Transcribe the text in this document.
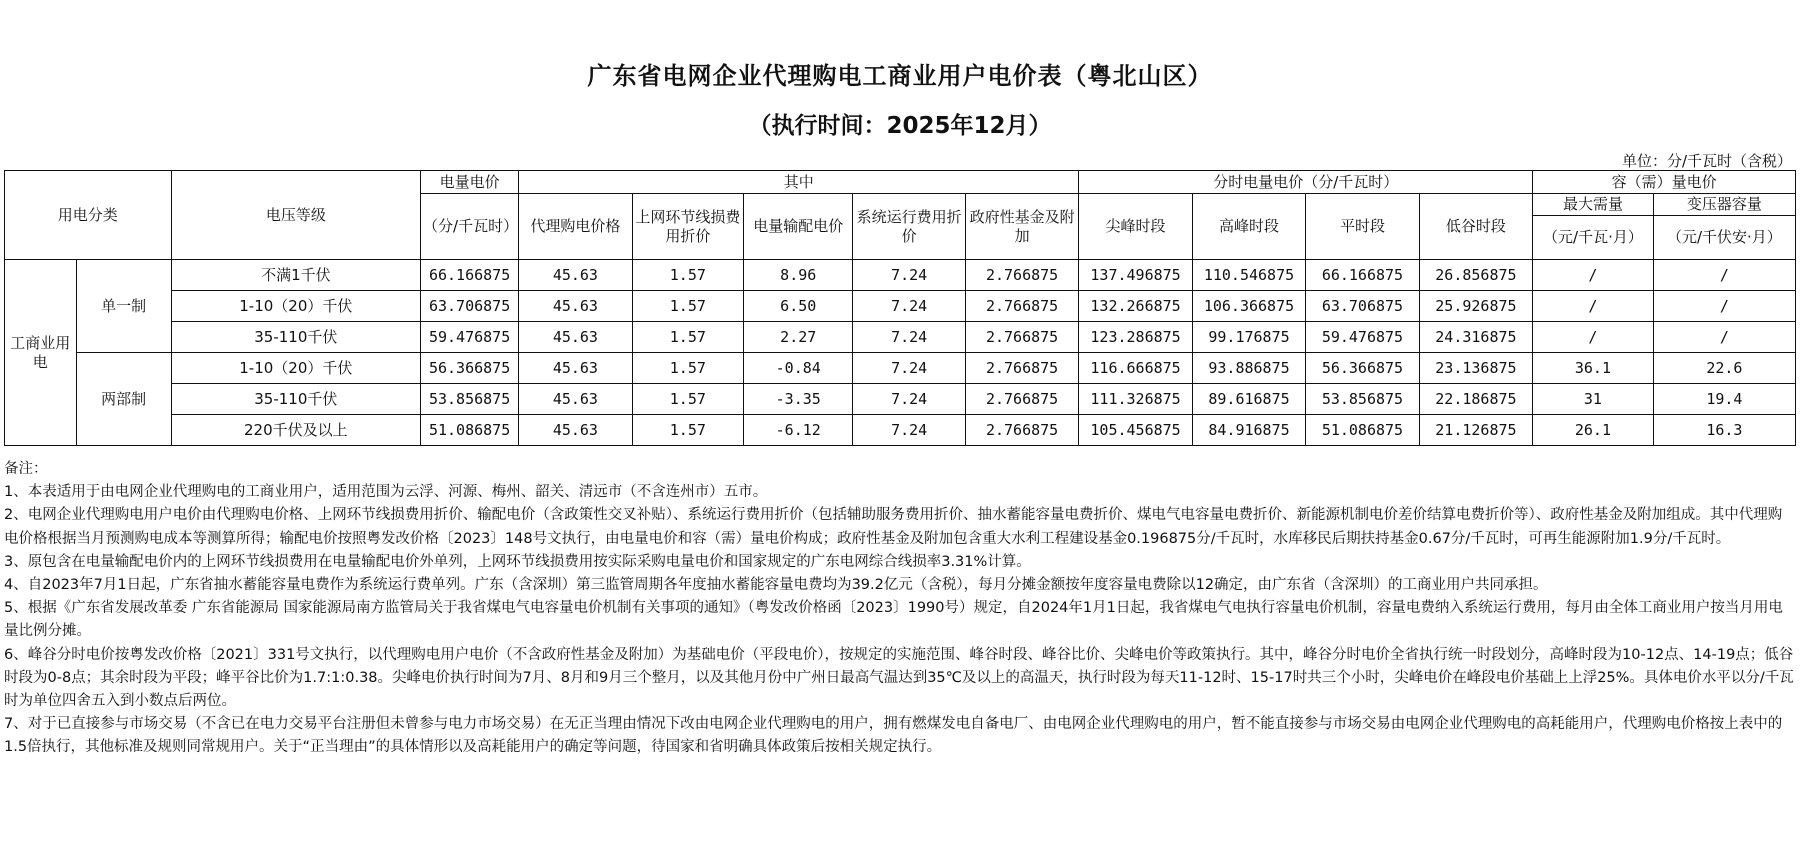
广东省电网企业代理购电工商业用户电价表（粤北山区）
（执行时间：2025年12月）
单位：分/千瓦时（含税）
用电分类		电压等级	电量电价	其中					分时电量电价（分/千瓦时）				容（需）量电价	
			（分/千瓦时）	代理购电价格	上网环节线损费用折价	电量输配电价	系统运行费用折价	政府性基金及附加	尖峰时段	高峰时段	平时段	低谷时段	最大需量	变压器容量
													（元/千瓦·月）	（元/千伏安·月）
工商业用电	单一制	不满1千伏	66.166875	45.63	1.57	8.96	7.24	2.766875	137.496875	110.546875	66.166875	26.856875	/	/
		1-10（20）千伏	63.706875	45.63	1.57	6.50	7.24	2.766875	132.266875	106.366875	63.706875	25.926875	/	/
		35-110千伏	59.476875	45.63	1.57	2.27	7.24	2.766875	123.286875	99.176875	59.476875	24.316875	/	/
	两部制	1-10（20）千伏	56.366875	45.63	1.57	-0.84	7.24	2.766875	116.666875	93.886875	56.366875	23.136875	36.1	22.6
		35-110千伏	53.856875	45.63	1.57	-3.35	7.24	2.766875	111.326875	89.616875	53.856875	22.186875	31	19.4
		220千伏及以上	51.086875	45.63	1.57	-6.12	7.24	2.766875	105.456875	84.916875	51.086875	21.126875	26.1	16.3

备注：

1、本表适用于由电网企业代理购电的工商业用户，适用范围为云浮、河源、梅州、韶关、清远市（不含连州市）五市。

2、电网企业代理购电用户电价由代理购电价格、上网环节线损费用折价、输配电价（含政策性交叉补贴）、系统运行费用折价（包括辅助服务费用折价、抽水蓄能容量电费折价、煤电气电容量电费折价、新能源机制电价差价结算电费折价等）、政府性基金及附加组成。其中代理购电价格根据当月预测购电成本等测算所得；输配电价按照粤发改价格〔2023〕148号文执行，由电量电价和容（需）量电价构成；政府性基金及附加包含重大水利工程建设基金0.196875分/千瓦时，水库移民后期扶持基金0.67分/千瓦时，可再生能源附加1.9分/千瓦时。

3、原包含在电量输配电价内的上网环节线损费用在电量输配电价外单列，上网环节线损费用按实际采购电量电价和国家规定的广东电网综合线损率3.31%计算。

4、自2023年7月1日起，广东省抽水蓄能容量电费作为系统运行费单列。广东（含深圳）第三监管周期各年度抽水蓄能容量电费均为39.2亿元（含税），每月分摊金额按年度容量电费除以12确定，由广东省（含深圳）的工商业用户共同承担。

5、根据《广东省发展改革委 广东省能源局 国家能源局南方监管局关于我省煤电气电容量电价机制有关事项的通知》（粤发改价格函〔2023〕1990号）规定，自2024年1月1日起，我省煤电气电执行容量电价机制，容量电费纳入系统运行费用，每月由全体工商业用户按当月用电量比例分摊。

6、峰谷分时电价按粤发改价格〔2021〕331号文执行，以代理购电用户电价（不含政府性基金及附加）为基础电价（平段电价），按规定的实施范围、峰谷时段、峰谷比价、尖峰电价等政策执行。其中，峰谷分时电价全省执行统一时段划分，高峰时段为10-12点、14-19点；低谷时段为0-8点；其余时段为平段；峰平谷比价为1.7:1:0.38。尖峰电价执行时间为7月、8月和9月三个整月，以及其他月份中广州日最高气温达到35℃及以上的高温天，执行时段为每天11-12时、15-17时共三个小时，尖峰电价在峰段电价基础上上浮25%。具体电价水平以分/千瓦时为单位四舍五入到小数点后两位。

7、对于已直接参与市场交易（不含已在电力交易平台注册但未曾参与电力市场交易）在无正当理由情况下改由电网企业代理购电的用户，拥有燃煤发电自备电厂、由电网企业代理购电的用户，暂不能直接参与市场交易由电网企业代理购电的高耗能用户，代理购电价格按上表中的1.5倍执行，其他标准及规则同常规用户。关于“正当理由”的具体情形以及高耗能用户的确定等问题，待国家和省明确具体政策后按相关规定执行。
